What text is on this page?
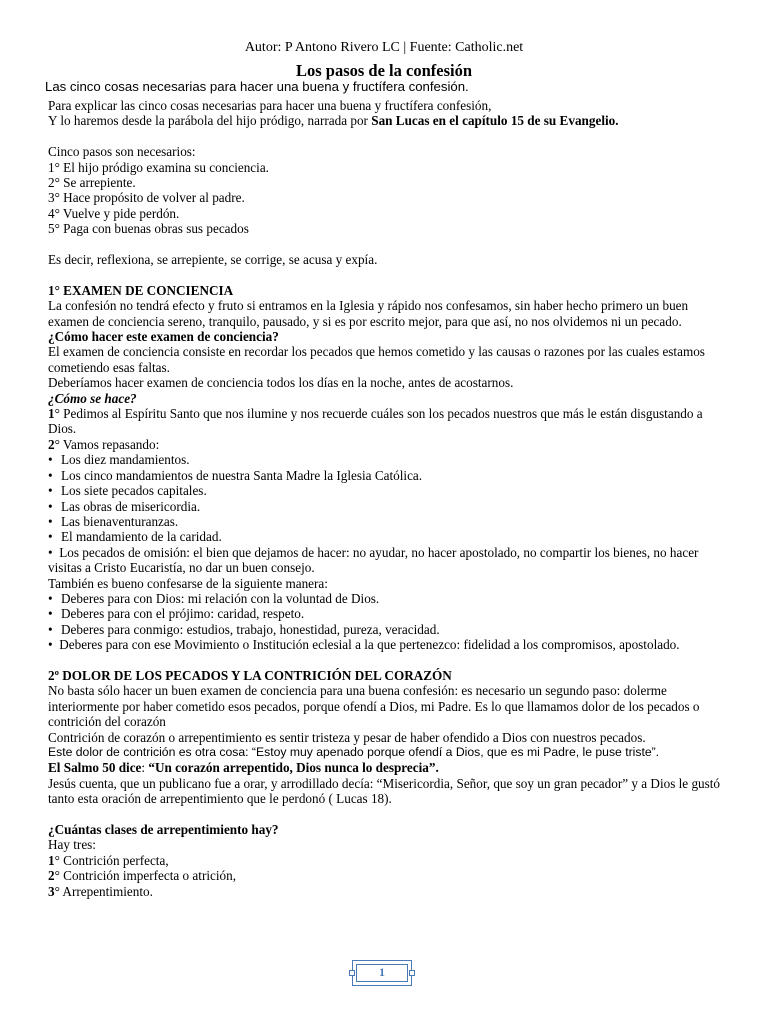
Autor: P Antono Rivero LC | Fuente: Catholic.net
Los pasos de la confesión
Las cinco cosas necesarias para hacer una buena y fructífera confesión.

Para explicar las cinco cosas necesarias para hacer una buena y fructífera confesión,

Y lo haremos desde la parábola del hijo pródigo, narrada por San Lucas en el capítulo 15 de su Evangelio.

Cinco pasos son necesarios:

1° El hijo pródigo examina su conciencia.

2° Se arrepiente.

3° Hace propósito de volver al padre.

4° Vuelve y pide perdón.

5° Paga con buenas obras sus pecados

Es decir, reflexiona, se arrepiente, se corrige, se acusa y expía.

1° EXAMEN DE CONCIENCIA

La confesión no tendrá efecto y fruto si entramos en la Iglesia y rápido nos confesamos, sin haber hecho primero un buen examen de conciencia sereno, tranquilo, pausado, y si es por escrito mejor, para que así, no nos olvidemos ni un pecado.

¿Cómo hacer este examen de conciencia?

El examen de conciencia consiste en recordar los pecados que hemos cometido y las causas o razones por las cuales estamos cometiendo esas faltas.

Deberíamos hacer examen de conciencia todos los días en la noche, antes de acostarnos.

¿Cómo se hace?

1° Pedimos al Espíritu Santo que nos ilumine y nos recuerde cuáles son los pecados nuestros que más le están disgustando a Dios.

2° Vamos repasando:

• Los diez mandamientos.
• Los cinco mandamientos de nuestra Santa Madre la Iglesia Católica.
• Los siete pecados capitales.
• Las obras de misericordia.
• Las bienaventuranzas.
• El mandamiento de la caridad.

•  Los pecados de omisión: el bien que dejamos de hacer: no ayudar, no hacer apostolado, no compartir los bienes, no hacer visitas a Cristo Eucaristía, no dar un buen consejo.

También es bueno confesarse de la siguiente manera:

• Deberes para con Dios: mi relación con la voluntad de Dios.
• Deberes para con el prójimo: caridad, respeto.
• Deberes para conmigo: estudios, trabajo, honestidad, pureza, veracidad.

•  Deberes para con ese Movimiento o Institución eclesial a la que pertenezco: fidelidad a los compromisos, apostolado.

2º DOLOR DE LOS PECADOS Y LA CONTRICIÓN DEL CORAZÓN

No basta sólo hacer un buen examen de conciencia para una buena confesión: es necesario un segundo paso: dolerme interiormente por haber cometido esos pecados, porque ofendí a Dios, mi Padre. Es lo que llamamos dolor de los pecados o contrición del corazón

Contrición de corazón o arrepentimiento es sentir tristeza y pesar de haber ofendido a Dios con nuestros pecados.

Este dolor de contrición es otra cosa: “Estoy muy apenado porque ofendí a Dios, que es mi Padre, le puse triste”.

El Salmo 50 dice: “Un corazón arrepentido, Dios nunca lo desprecia”.

Jesús cuenta, que un publicano fue a orar, y arrodillado decía: “Misericordia, Señor, que soy un gran pecador” y a Dios le gustó tanto esta oración de arrepentimiento que le perdonó ( Lucas 18).

¿Cuántas clases de arrepentimiento hay?

Hay tres:

1° Contrición perfecta,

2° Contrición imperfecta o atrición,

3° Arrepentimiento.

1
